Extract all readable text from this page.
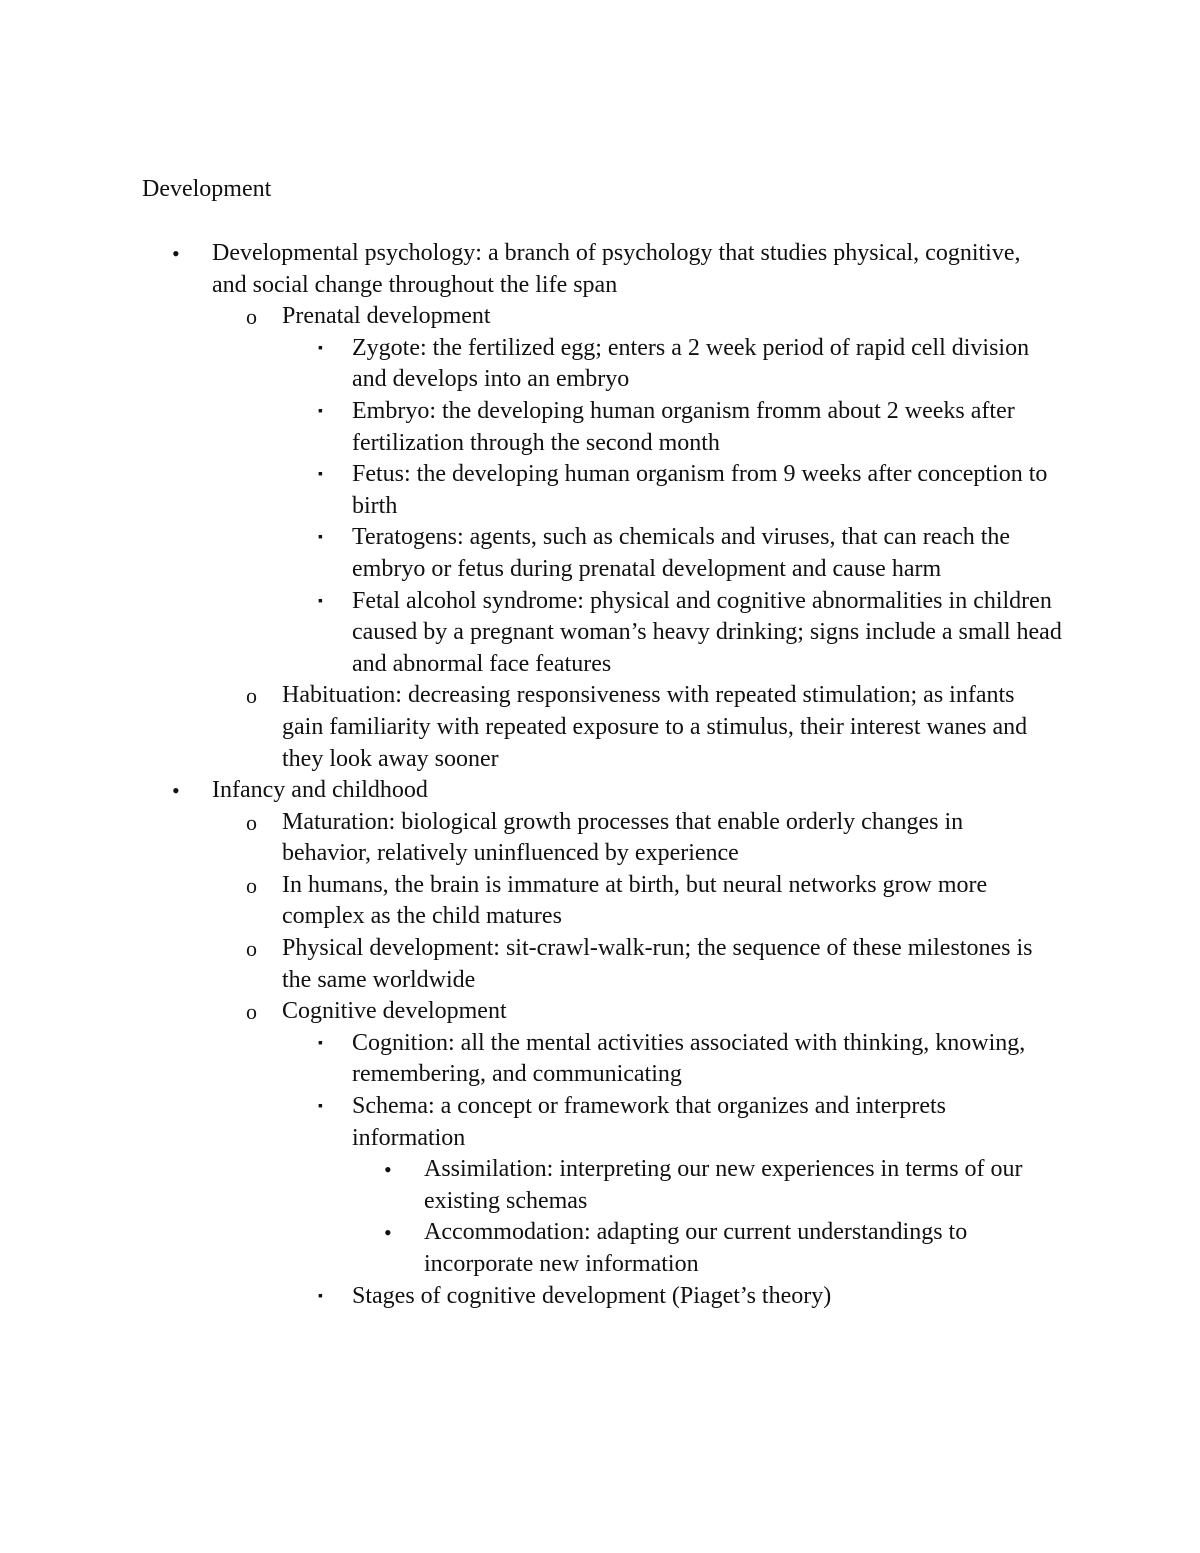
Development
• Developmental psychology: a branch of psychology that studies physical, cognitive, and social change throughout the life span
o Prenatal development
▪ Zygote: the fertilized egg; enters a 2 week period of rapid cell division and develops into an embryo
▪ Embryo: the developing human organism fromm about 2 weeks after fertilization through the second month
▪ Fetus: the developing human organism from 9 weeks after conception to birth
▪ Teratogens: agents, such as chemicals and viruses, that can reach the embryo or fetus during prenatal development and cause harm
▪ Fetal alcohol syndrome: physical and cognitive abnormalities in children caused by a pregnant woman’s heavy drinking; signs include a small head and abnormal face features
o Habituation: decreasing responsiveness with repeated stimulation; as infants gain familiarity with repeated exposure to a stimulus, their interest wanes and they look away sooner
• Infancy and childhood
o Maturation: biological growth processes that enable orderly changes in behavior, relatively uninfluenced by experience
o In humans, the brain is immature at birth, but neural networks grow more complex as the child matures
o Physical development: sit-crawl-walk-run; the sequence of these milestones is the same worldwide
o Cognitive development
▪ Cognition: all the mental activities associated with thinking, knowing, remembering, and communicating
▪ Schema: a concept or framework that organizes and interprets information
• Assimilation: interpreting our new experiences in terms of our existing schemas
• Accommodation: adapting our current understandings to incorporate new information
▪ Stages of cognitive development (Piaget’s theory)
